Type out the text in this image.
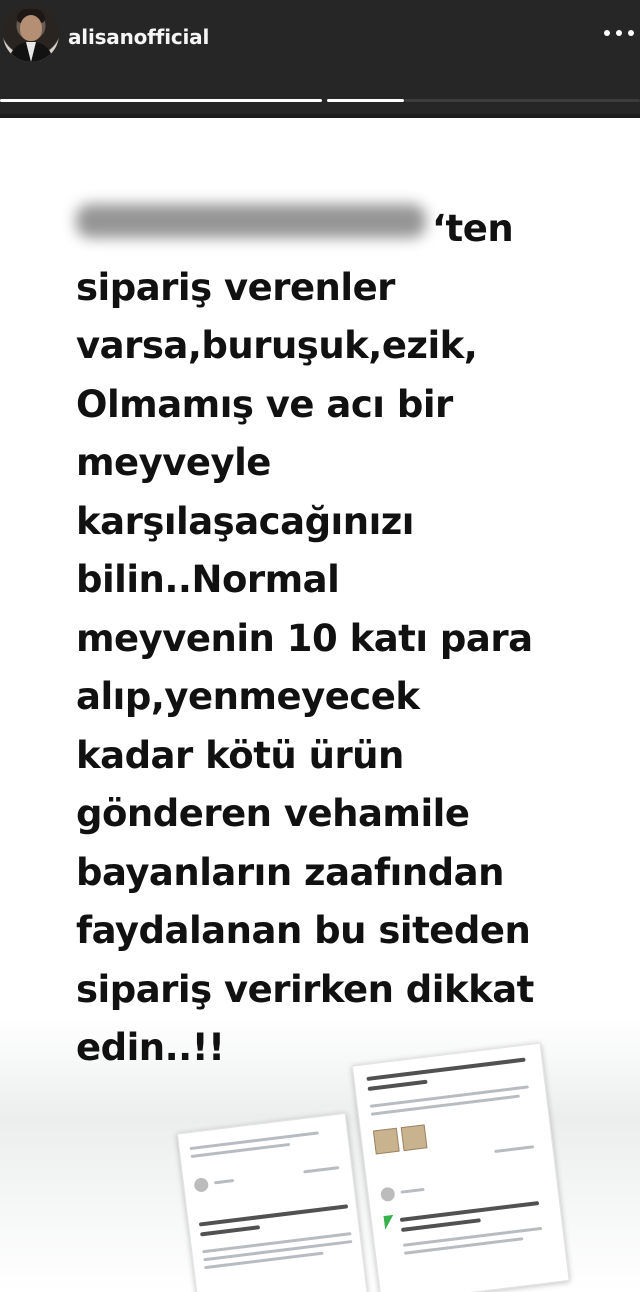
alisanofficial
‘ten
sipariş verenler
varsa,buruşuk,ezik,
Olmamış ve acı bir
meyveyle
karşılaşacağınızı
bilin..Normal
meyvenin 10 katı para
alıp,yenmeyecek
kadar kötü ürün
gönderen vehamile
bayanların zaafından
faydalanan bu siteden
sipariş verirken dikkat
edin..!!
